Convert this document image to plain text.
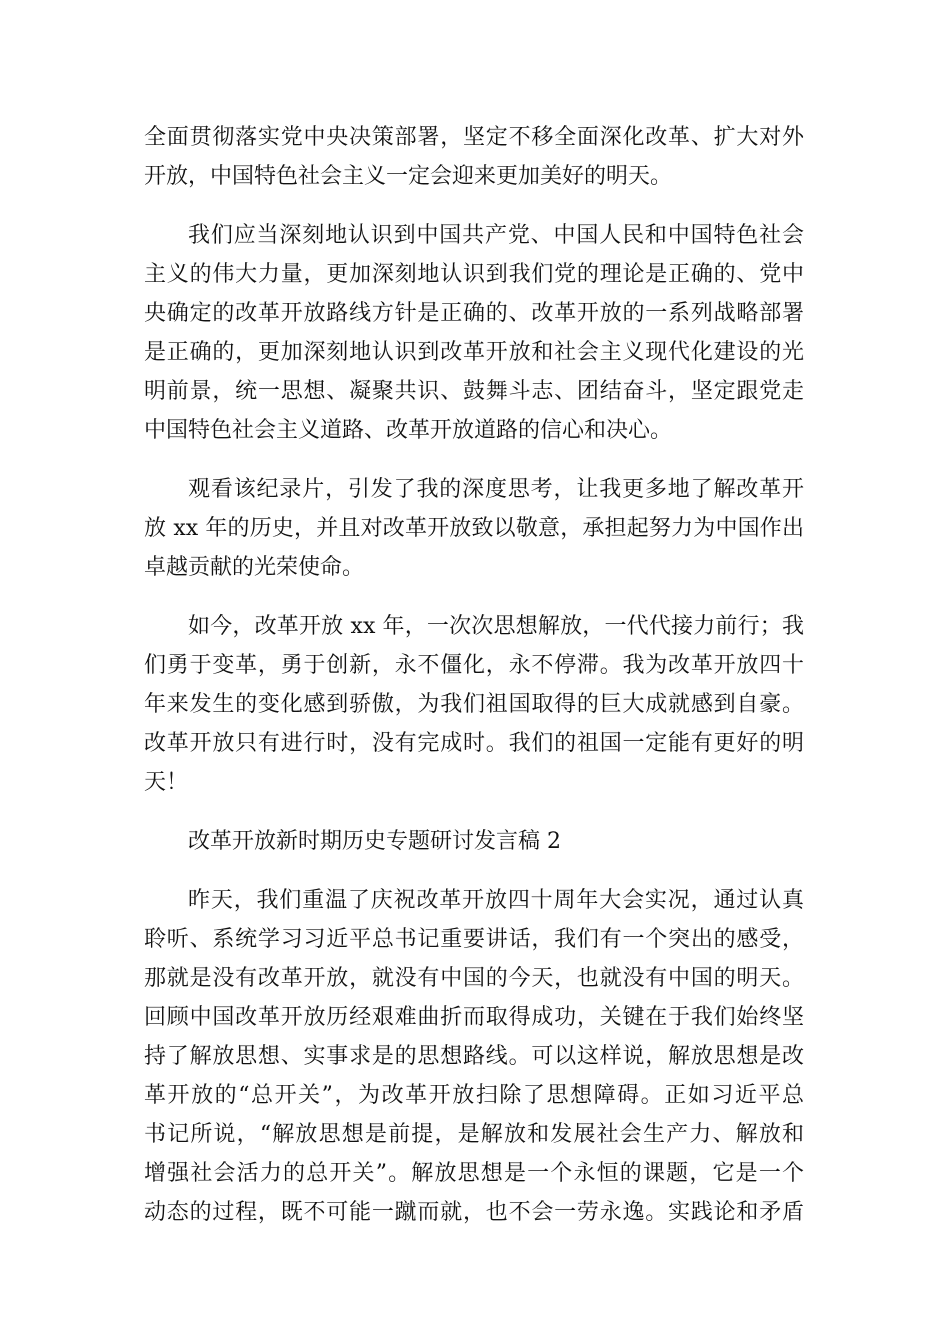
全面贯彻落实党中央决策部署，坚定不移全面深化改革、扩大对外

开放，中国特色社会主义一定会迎来更加美好的明天。

我们应当深刻地认识到中国共产党、中国人民和中国特色社会

主义的伟大力量，更加深刻地认识到我们党的理论是正确的、党中

央确定的改革开放路线方针是正确的、改革开放的一系列战略部署

是正确的，更加深刻地认识到改革开放和社会主义现代化建设的光

明前景，统一思想、凝聚共识、鼓舞斗志、团结奋斗，坚定跟党走

中国特色社会主义道路、改革开放道路的信心和决心。

观看该纪录片，引发了我的深度思考，让我更多地了解改革开

放 xx 年的历史，并且对改革开放致以敬意，承担起努力为中国作出

卓越贡献的光荣使命。

如今，改革开放 xx 年，一次次思想解放，一代代接力前行；我

们勇于变革，勇于创新，永不僵化，永不停滞。我为改革开放四十

年来发生的变化感到骄傲，为我们祖国取得的巨大成就感到自豪。

改革开放只有进行时，没有完成时。我们的祖国一定能有更好的明

天！

改革开放新时期历史专题研讨发言稿 2

昨天，我们重温了庆祝改革开放四十周年大会实况，通过认真

聆听、系统学习习近平总书记重要讲话，我们有一个突出的感受，

那就是没有改革开放，就没有中国的今天，也就没有中国的明天。

回顾中国改革开放历经艰难曲折而取得成功，关键在于我们始终坚

持了解放思想、实事求是的思想路线。可以这样说，解放思想是改

革开放的“总开关”，为改革开放扫除了思想障碍。正如习近平总

书记所说，“解放思想是前提，是解放和发展社会生产力、解放和

增强社会活力的总开关”。解放思想是一个永恒的课题，它是一个

动态的过程，既不可能一蹴而就，也不会一劳永逸。实践论和矛盾
